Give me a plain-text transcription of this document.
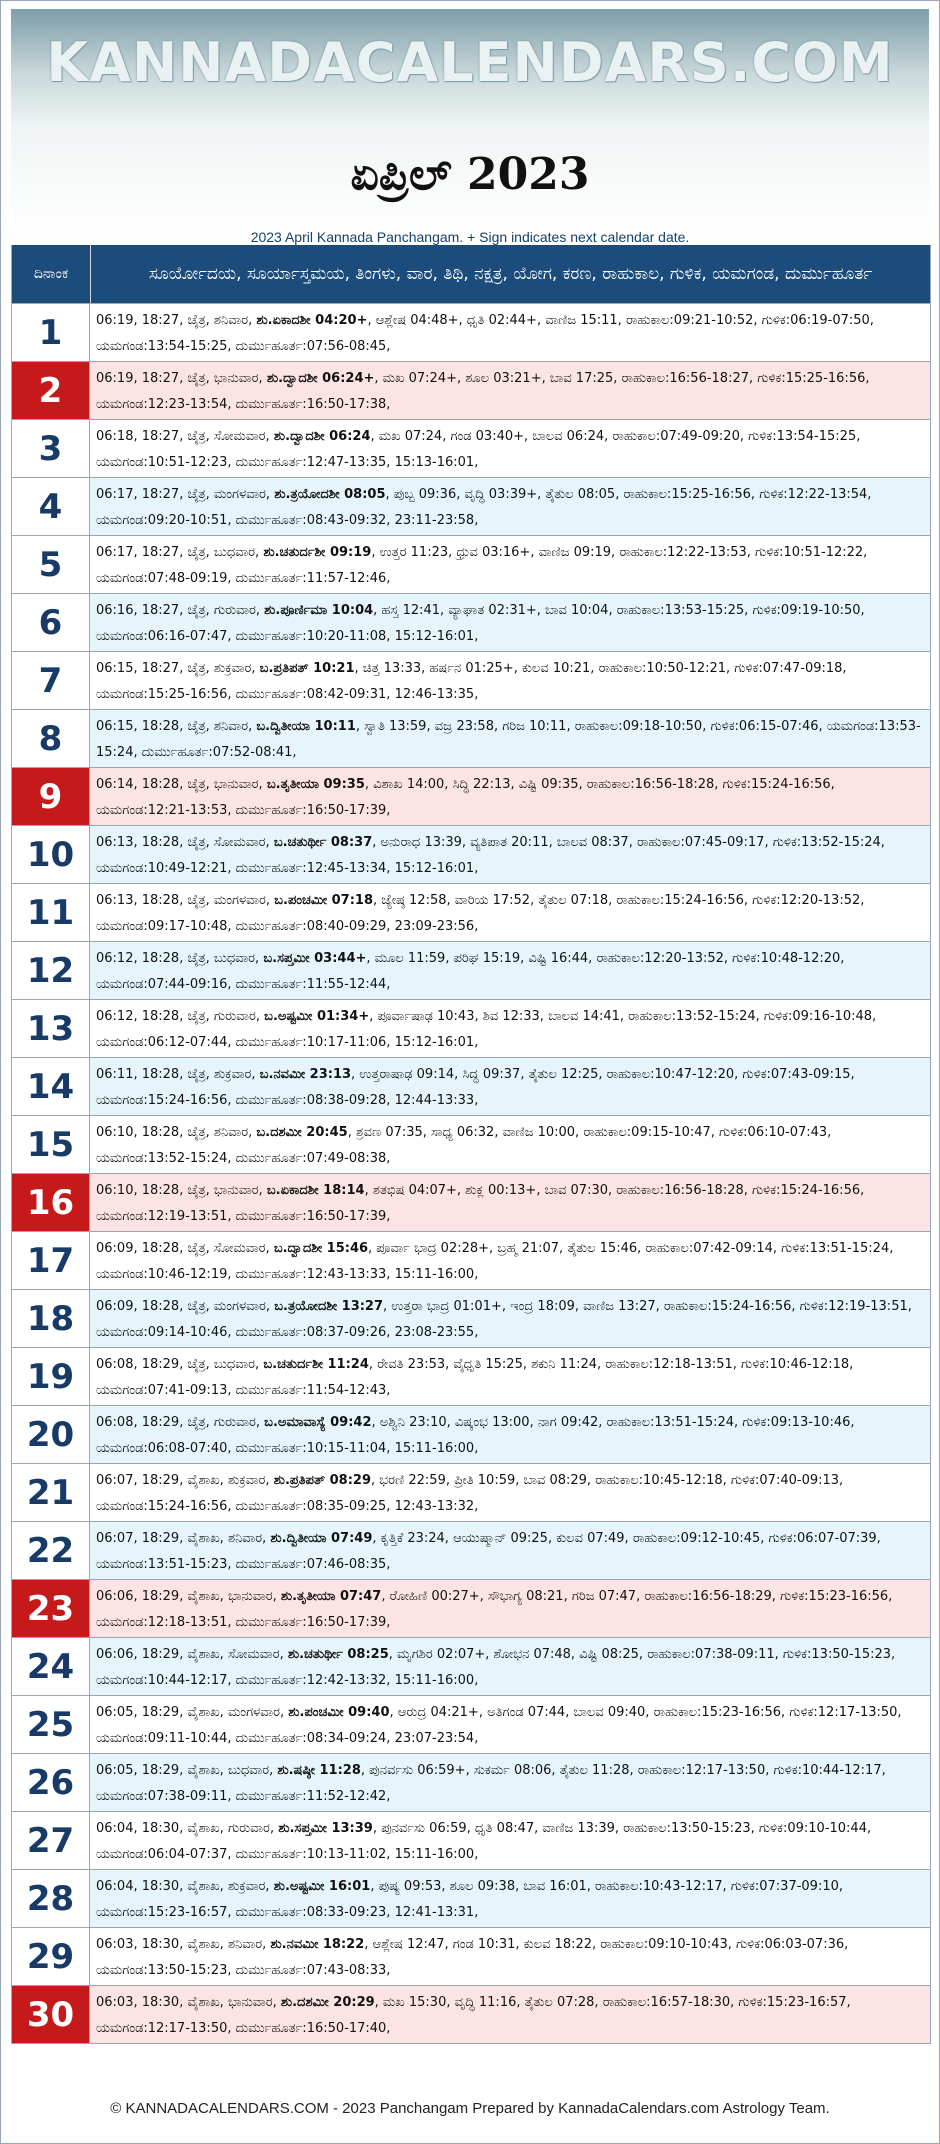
KANNADACALENDARS.COM
ಏಪ್ರಿಲ್ 2023
2023 April Kannada Panchangam. + Sign indicates next calendar date.
ದಿನಾಂಕ	ಸೂರ್ಯೋದಯ, ಸೂರ್ಯಾಸ್ತಮಯ, ತಿಂಗಳು, ವಾರ, ತಿಥಿ, ನಕ್ಷತ್ರ, ಯೋಗ, ಕರಣ, ರಾಹುಕಾಲ, ಗುಳಿಕ, ಯಮಗಂಡ, ದುರ್ಮುಹೂರ್ತ
1	06:19, 18:27, ಚೈತ್ರ, ಶನಿವಾರ, ಶು.ಏಕಾದಶೀ 04:20+, ಆಶ್ಲೇಷ 04:48+, ಧೃತಿ 02:44+, ವಾಣಿಜ 15:11, ರಾಹುಕಾಲ:09:21-10:52, ಗುಳಿಕ:06:19-07:50, ಯಮಗಂಡ:13:54-15:25, ದುರ್ಮುಹೂರ್ತ:07:56-08:45,
2	06:19, 18:27, ಚೈತ್ರ, ಭಾನುವಾರ, ಶು.ದ್ವಾದಶೀ 06:24+, ಮಖ 07:24+, ಶೂಲ 03:21+, ಬಾವ 17:25, ರಾಹುಕಾಲ:16:56-18:27, ಗುಳಿಕ:15:25-16:56, ಯಮಗಂಡ:12:23-13:54, ದುರ್ಮುಹೂರ್ತ:16:50-17:38,
3	06:18, 18:27, ಚೈತ್ರ, ಸೋಮವಾರ, ಶು.ದ್ವಾದಶೀ 06:24, ಮಖ 07:24, ಗಂಡ 03:40+, ಬಾಲವ 06:24, ರಾಹುಕಾಲ:07:49-09:20, ಗುಳಿಕ:13:54-15:25, ಯಮಗಂಡ:10:51-12:23, ದುರ್ಮುಹೂರ್ತ:12:47-13:35, 15:13-16:01,
4	06:17, 18:27, ಚೈತ್ರ, ಮಂಗಳವಾರ, ಶು.ತ್ರಯೋದಶೀ 08:05, ಪುಬ್ಬ 09:36, ವೃದ್ಧಿ 03:39+, ತೈತುಲ 08:05, ರಾಹುಕಾಲ:15:25-16:56, ಗುಳಿಕ:12:22-13:54, ಯಮಗಂಡ:09:20-10:51, ದುರ್ಮುಹೂರ್ತ:08:43-09:32, 23:11-23:58,
5	06:17, 18:27, ಚೈತ್ರ, ಬುಧವಾರ, ಶು.ಚತುರ್ದಶೀ 09:19, ಉತ್ತರ 11:23, ಧ್ರುವ 03:16+, ವಾಣಿಜ 09:19, ರಾಹುಕಾಲ:12:22-13:53, ಗುಳಿಕ:10:51-12:22, ಯಮಗಂಡ:07:48-09:19, ದುರ್ಮುಹೂರ್ತ:11:57-12:46,
6	06:16, 18:27, ಚೈತ್ರ, ಗುರುವಾರ, ಶು.ಪೂರ್ಣಿಮಾ 10:04, ಹಸ್ತ 12:41, ವ್ಯಾಘಾತ 02:31+, ಬಾವ 10:04, ರಾಹುಕಾಲ:13:53-15:25, ಗುಳಿಕ:09:19-10:50, ಯಮಗಂಡ:06:16-07:47, ದುರ್ಮುಹೂರ್ತ:10:20-11:08, 15:12-16:01,
7	06:15, 18:27, ಚೈತ್ರ, ಶುಕ್ರವಾರ, ಬ.ಪ್ರತಿಪತ್ 10:21, ಚಿತ್ತ 13:33, ಹರ್ಷನ 01:25+, ಕುಲವ 10:21, ರಾಹುಕಾಲ:10:50-12:21, ಗುಳಿಕ:07:47-09:18, ಯಮಗಂಡ:15:25-16:56, ದುರ್ಮುಹೂರ್ತ:08:42-09:31, 12:46-13:35,
8	06:15, 18:28, ಚೈತ್ರ, ಶನಿವಾರ, ಬ.ದ್ವಿತೀಯಾ 10:11, ಸ್ವಾತಿ 13:59, ವಜ್ರ 23:58, ಗರಿಜ 10:11, ರಾಹುಕಾಲ:09:18-10:50, ಗುಳಿಕ:06:15-07:46, ಯಮಗಂಡ:13:53-15:24, ದುರ್ಮುಹೂರ್ತ:07:52-08:41,
9	06:14, 18:28, ಚೈತ್ರ, ಭಾನುವಾರ, ಬ.ತೃತೀಯಾ 09:35, ವಿಶಾಖ 14:00, ಸಿದ್ಧಿ 22:13, ವಿಷ್ಟಿ 09:35, ರಾಹುಕಾಲ:16:56-18:28, ಗುಳಿಕ:15:24-16:56, ಯಮಗಂಡ:12:21-13:53, ದುರ್ಮುಹೂರ್ತ:16:50-17:39,
10	06:13, 18:28, ಚೈತ್ರ, ಸೋಮವಾರ, ಬ.ಚತುರ್ಥೀ 08:37, ಅನುರಾಧ 13:39, ವ್ಯತಿಪಾತ 20:11, ಬಾಲವ 08:37, ರಾಹುಕಾಲ:07:45-09:17, ಗುಳಿಕ:13:52-15:24, ಯಮಗಂಡ:10:49-12:21, ದುರ್ಮುಹೂರ್ತ:12:45-13:34, 15:12-16:01,
11	06:13, 18:28, ಚೈತ್ರ, ಮಂಗಳವಾರ, ಬ.ಪಂಚಮೀ 07:18, ಜ್ಯೇಷ್ಠ 12:58, ವಾರಿಯ 17:52, ತೈತುಲ 07:18, ರಾಹುಕಾಲ:15:24-16:56, ಗುಳಿಕ:12:20-13:52, ಯಮಗಂಡ:09:17-10:48, ದುರ್ಮುಹೂರ್ತ:08:40-09:29, 23:09-23:56,
12	06:12, 18:28, ಚೈತ್ರ, ಬುಧವಾರ, ಬ.ಸಪ್ತಮೀ 03:44+, ಮೂಲ 11:59, ಪರಿಘ 15:19, ವಿಷ್ಟಿ 16:44, ರಾಹುಕಾಲ:12:20-13:52, ಗುಳಿಕ:10:48-12:20, ಯಮಗಂಡ:07:44-09:16, ದುರ್ಮುಹೂರ್ತ:11:55-12:44,
13	06:12, 18:28, ಚೈತ್ರ, ಗುರುವಾರ, ಬ.ಅಷ್ಟಮೀ 01:34+, ಪೂರ್ವಾಷಾಢ 10:43, ಶಿವ 12:33, ಬಾಲವ 14:41, ರಾಹುಕಾಲ:13:52-15:24, ಗುಳಿಕ:09:16-10:48, ಯಮಗಂಡ:06:12-07:44, ದುರ್ಮುಹೂರ್ತ:10:17-11:06, 15:12-16:01,
14	06:11, 18:28, ಚೈತ್ರ, ಶುಕ್ರವಾರ, ಬ.ನವಮೀ 23:13, ಉತ್ತರಾಷಾಢ 09:14, ಸಿದ್ಧ 09:37, ತೈತುಲ 12:25, ರಾಹುಕಾಲ:10:47-12:20, ಗುಳಿಕ:07:43-09:15, ಯಮಗಂಡ:15:24-16:56, ದುರ್ಮುಹೂರ್ತ:08:38-09:28, 12:44-13:33,
15	06:10, 18:28, ಚೈತ್ರ, ಶನಿವಾರ, ಬ.ದಶಮೀ 20:45, ಶ್ರವಣ 07:35, ಸಾಧ್ಯ 06:32, ವಾಣಿಜ 10:00, ರಾಹುಕಾಲ:09:15-10:47, ಗುಳಿಕ:06:10-07:43, ಯಮಗಂಡ:13:52-15:24, ದುರ್ಮುಹೂರ್ತ:07:49-08:38,
16	06:10, 18:28, ಚೈತ್ರ, ಭಾನುವಾರ, ಬ.ಏಕಾದಶೀ 18:14, ಶತಭಿಷ 04:07+, ಶುಕ್ಲ 00:13+, ಬಾವ 07:30, ರಾಹುಕಾಲ:16:56-18:28, ಗುಳಿಕ:15:24-16:56, ಯಮಗಂಡ:12:19-13:51, ದುರ್ಮುಹೂರ್ತ:16:50-17:39,
17	06:09, 18:28, ಚೈತ್ರ, ಸೋಮವಾರ, ಬ.ದ್ವಾದಶೀ 15:46, ಪೂರ್ವಾ ಭಾದ್ರ 02:28+, ಬ್ರಹ್ಮ 21:07, ತೈತುಲ 15:46, ರಾಹುಕಾಲ:07:42-09:14, ಗುಳಿಕ:13:51-15:24, ಯಮಗಂಡ:10:46-12:19, ದುರ್ಮುಹೂರ್ತ:12:43-13:33, 15:11-16:00,
18	06:09, 18:28, ಚೈತ್ರ, ಮಂಗಳವಾರ, ಬ.ತ್ರಯೋದಶೀ 13:27, ಉತ್ತರಾ ಭಾದ್ರ 01:01+, ಇಂದ್ರ 18:09, ವಾಣಿಜ 13:27, ರಾಹುಕಾಲ:15:24-16:56, ಗುಳಿಕ:12:19-13:51, ಯಮಗಂಡ:09:14-10:46, ದುರ್ಮುಹೂರ್ತ:08:37-09:26, 23:08-23:55,
19	06:08, 18:29, ಚೈತ್ರ, ಬುಧವಾರ, ಬ.ಚತುರ್ದಶೀ 11:24, ರೇವತಿ 23:53, ವೈಧೃತಿ 15:25, ಶಕುನಿ 11:24, ರಾಹುಕಾಲ:12:18-13:51, ಗುಳಿಕ:10:46-12:18, ಯಮಗಂಡ:07:41-09:13, ದುರ್ಮುಹೂರ್ತ:11:54-12:43,
20	06:08, 18:29, ಚೈತ್ರ, ಗುರುವಾರ, ಬ.ಅಮಾವಾಸ್ಯೆ 09:42, ಅಶ್ವಿನಿ 23:10, ವಿಷ್ಕಂಭ 13:00, ನಾಗ 09:42, ರಾಹುಕಾಲ:13:51-15:24, ಗುಳಿಕ:09:13-10:46, ಯಮಗಂಡ:06:08-07:40, ದುರ್ಮುಹೂರ್ತ:10:15-11:04, 15:11-16:00,
21	06:07, 18:29, ವೈಶಾಖ, ಶುಕ್ರವಾರ, ಶು.ಪ್ರತಿಪತ್ 08:29, ಭರಣಿ 22:59, ಪ್ರೀತಿ 10:59, ಬಾವ 08:29, ರಾಹುಕಾಲ:10:45-12:18, ಗುಳಿಕ:07:40-09:13, ಯಮಗಂಡ:15:24-16:56, ದುರ್ಮುಹೂರ್ತ:08:35-09:25, 12:43-13:32,
22	06:07, 18:29, ವೈಶಾಖ, ಶನಿವಾರ, ಶು.ದ್ವಿತೀಯಾ 07:49, ಕೃತ್ತಿಕೆ 23:24, ಆಯುಷ್ಮಾನ್ 09:25, ಕುಲವ 07:49, ರಾಹುಕಾಲ:09:12-10:45, ಗುಳಿಕ:06:07-07:39, ಯಮಗಂಡ:13:51-15:23, ದುರ್ಮುಹೂರ್ತ:07:46-08:35,
23	06:06, 18:29, ವೈಶಾಖ, ಭಾನುವಾರ, ಶು.ತೃತೀಯಾ 07:47, ರೋಹಿಣಿ 00:27+, ಸೌಭಾಗ್ಯ 08:21, ಗರಿಜ 07:47, ರಾಹುಕಾಲ:16:56-18:29, ಗುಳಿಕ:15:23-16:56, ಯಮಗಂಡ:12:18-13:51, ದುರ್ಮುಹೂರ್ತ:16:50-17:39,
24	06:06, 18:29, ವೈಶಾಖ, ಸೋಮವಾರ, ಶು.ಚತುರ್ಥೀ 08:25, ಮೃಗಶಿರ 02:07+, ಶೋಭನ 07:48, ವಿಷ್ಟಿ 08:25, ರಾಹುಕಾಲ:07:38-09:11, ಗುಳಿಕ:13:50-15:23, ಯಮಗಂಡ:10:44-12:17, ದುರ್ಮುಹೂರ್ತ:12:42-13:32, 15:11-16:00,
25	06:05, 18:29, ವೈಶಾಖ, ಮಂಗಳವಾರ, ಶು.ಪಂಚಮೀ 09:40, ಆರುದ್ರ 04:21+, ಅತಿಗಂಡ 07:44, ಬಾಲವ 09:40, ರಾಹುಕಾಲ:15:23-16:56, ಗುಳಿಕ:12:17-13:50, ಯಮಗಂಡ:09:11-10:44, ದುರ್ಮುಹೂರ್ತ:08:34-09:24, 23:07-23:54,
26	06:05, 18:29, ವೈಶಾಖ, ಬುಧವಾರ, ಶು.ಷಷ್ಠೀ 11:28, ಪುನರ್ವಸು 06:59+, ಸುಕರ್ಮ 08:06, ತೈತುಲ 11:28, ರಾಹುಕಾಲ:12:17-13:50, ಗುಳಿಕ:10:44-12:17, ಯಮಗಂಡ:07:38-09:11, ದುರ್ಮುಹೂರ್ತ:11:52-12:42,
27	06:04, 18:30, ವೈಶಾಖ, ಗುರುವಾರ, ಶು.ಸಪ್ತಮೀ 13:39, ಪುನರ್ವಸು 06:59, ಧೃತಿ 08:47, ವಾಣಿಜ 13:39, ರಾಹುಕಾಲ:13:50-15:23, ಗುಳಿಕ:09:10-10:44, ಯಮಗಂಡ:06:04-07:37, ದುರ್ಮುಹೂರ್ತ:10:13-11:02, 15:11-16:00,
28	06:04, 18:30, ವೈಶಾಖ, ಶುಕ್ರವಾರ, ಶು.ಅಷ್ಟಮೀ 16:01, ಪುಷ್ಯ 09:53, ಶೂಲ 09:38, ಬಾವ 16:01, ರಾಹುಕಾಲ:10:43-12:17, ಗುಳಿಕ:07:37-09:10, ಯಮಗಂಡ:15:23-16:57, ದುರ್ಮುಹೂರ್ತ:08:33-09:23, 12:41-13:31,
29	06:03, 18:30, ವೈಶಾಖ, ಶನಿವಾರ, ಶು.ನವಮೀ 18:22, ಆಶ್ಲೇಷ 12:47, ಗಂಡ 10:31, ಕುಲವ 18:22, ರಾಹುಕಾಲ:09:10-10:43, ಗುಳಿಕ:06:03-07:36, ಯಮಗಂಡ:13:50-15:23, ದುರ್ಮುಹೂರ್ತ:07:43-08:33,
30	06:03, 18:30, ವೈಶಾಖ, ಭಾನುವಾರ, ಶು.ದಶಮೀ 20:29, ಮಖ 15:30, ವೃದ್ಧಿ 11:16, ತೈತುಲ 07:28, ರಾಹುಕಾಲ:16:57-18:30, ಗುಳಿಕ:15:23-16:57, ಯಮಗಂಡ:12:17-13:50, ದುರ್ಮುಹೂರ್ತ:16:50-17:40,
© KANNADACALENDARS.COM - 2023 Panchangam Prepared by KannadaCalendars.com Astrology Team.
